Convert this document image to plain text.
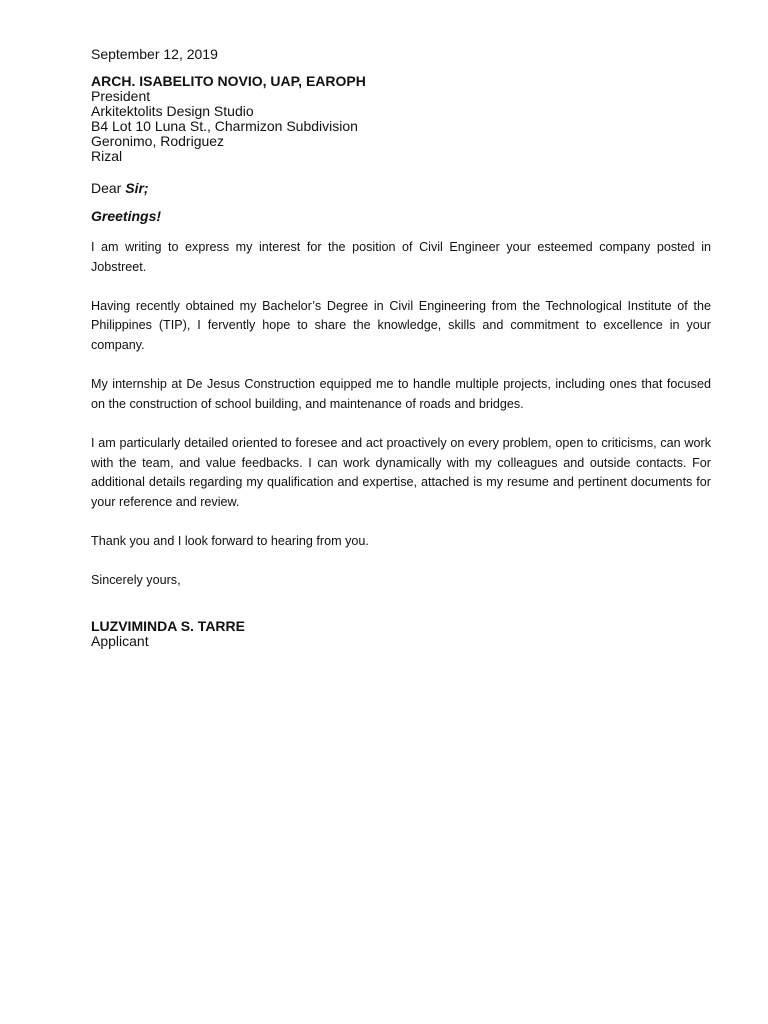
September 12, 2019
ARCH. ISABELITO NOVIO, UAP, EAROPH
President
Arkitektolits Design Studio
B4 Lot 10 Luna St., Charmizon Subdivision
Geronimo, Rodriguez
Rizal
Dear Sir;
Greetings!

I am writing to express my interest for the position of Civil Engineer your esteemed company posted in Jobstreet.

Having recently obtained my Bachelor’s Degree in Civil Engineering from the Technological Institute of the Philippines (TIP), I fervently hope to share the knowledge, skills and commitment to excellence in your company.

My internship at De Jesus Construction equipped me to handle multiple projects, including ones that focused on the construction of school building, and maintenance of roads and bridges.

I am particularly detailed oriented to foresee and act proactively on every problem, open to criticisms, can work with the team, and value feedbacks. I can work dynamically with my colleagues and outside contacts. For additional details regarding my qualification and expertise, attached is my resume and pertinent documents for your reference and review.

Thank you and I look forward to hearing from you.

Sincerely yours,
LUZVIMINDA S. TARRE
Applicant
